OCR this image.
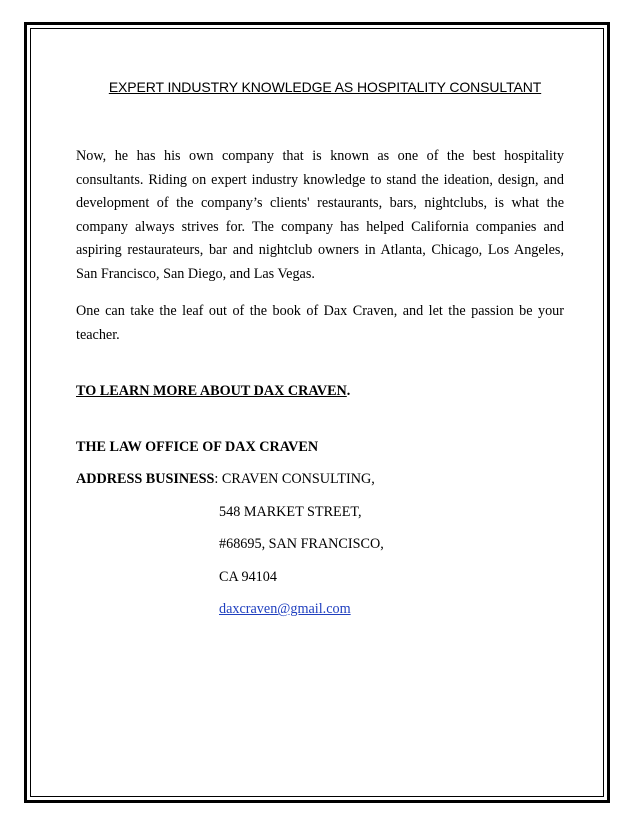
EXPERT INDUSTRY KNOWLEDGE AS HOSPITALITY CONSULTANT

Now, he has his own company that is known as one of the best hospitality consultants. Riding on expert industry knowledge to stand the ideation, design, and development of the company’s clients' restaurants, bars, nightclubs, is what the company always strives for. The company has helped California companies and aspiring restaurateurs, bar and nightclub owners in Atlanta, Chicago, Los Angeles, San Francisco, San Diego, and Las Vegas.

One can take the leaf out of the book of Dax Craven, and let the passion be your teacher.

TO LEARN MORE ABOUT DAX CRAVEN.

THE LAW OFFICE OF DAX CRAVEN

ADDRESS BUSINESS: CRAVEN CONSULTING,

548 MARKET STREET,

#68695, SAN FRANCISCO,

CA 94104

daxcraven@gmail.com
